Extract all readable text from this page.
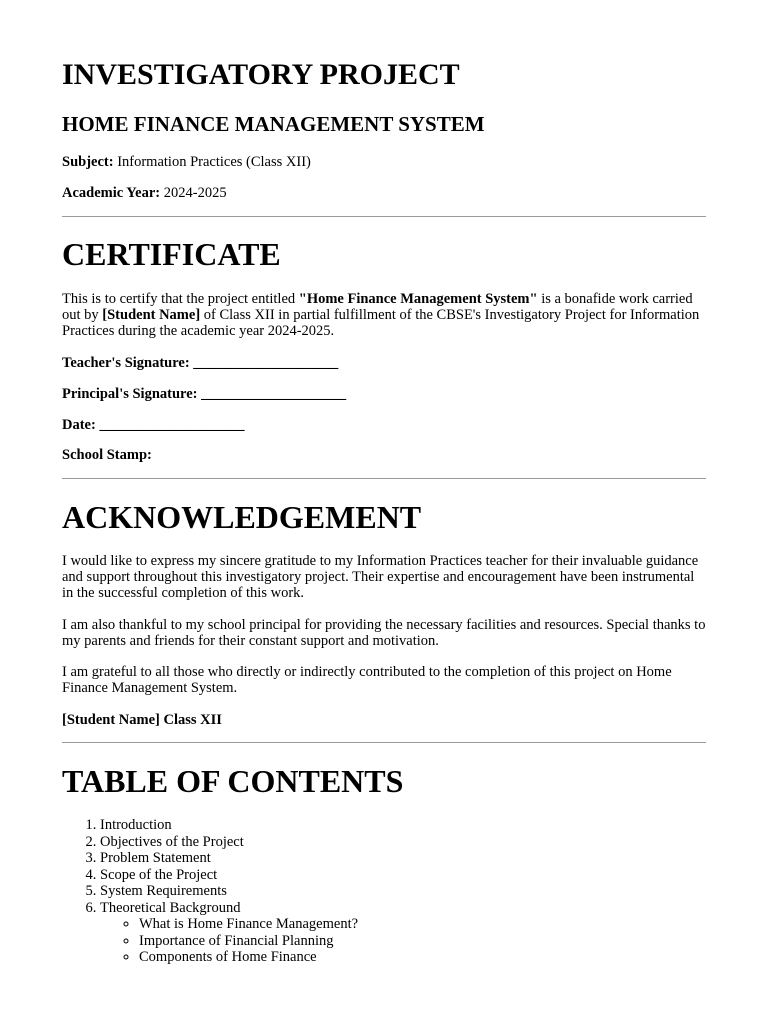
INVESTIGATORY PROJECT
HOME FINANCE MANAGEMENT SYSTEM
Subject: Information Practices (Class XII)
Academic Year: 2024-2025
CERTIFICATE

This is to certify that the project entitled "Home Finance Management System" is a bonafide work carried out by [Student Name] of Class XII in partial fulfillment of the CBSE's Investigatory Project for Information Practices during the academic year 2024-2025.

Teacher's Signature: ____________________
Principal's Signature: ____________________
Date: ____________________
School Stamp:
ACKNOWLEDGEMENT

I would like to express my sincere gratitude to my Information Practices teacher for their invaluable guidance and support throughout this investigatory project. Their expertise and encouragement have been instrumental in the successful completion of this work.

I am also thankful to my school principal for providing the necessary facilities and resources. Special thanks to my parents and friends for their constant support and motivation.

I am grateful to all those who directly or indirectly contributed to the completion of this project on Home Finance Management System.

[Student Name] Class XII
TABLE OF CONTENTS
1. Introduction
2. Objectives of the Project
3. Problem Statement
4. Scope of the Project
5. System Requirements
6. Theoretical Background
◦ What is Home Finance Management?
◦ Importance of Financial Planning
◦ Components of Home Finance
